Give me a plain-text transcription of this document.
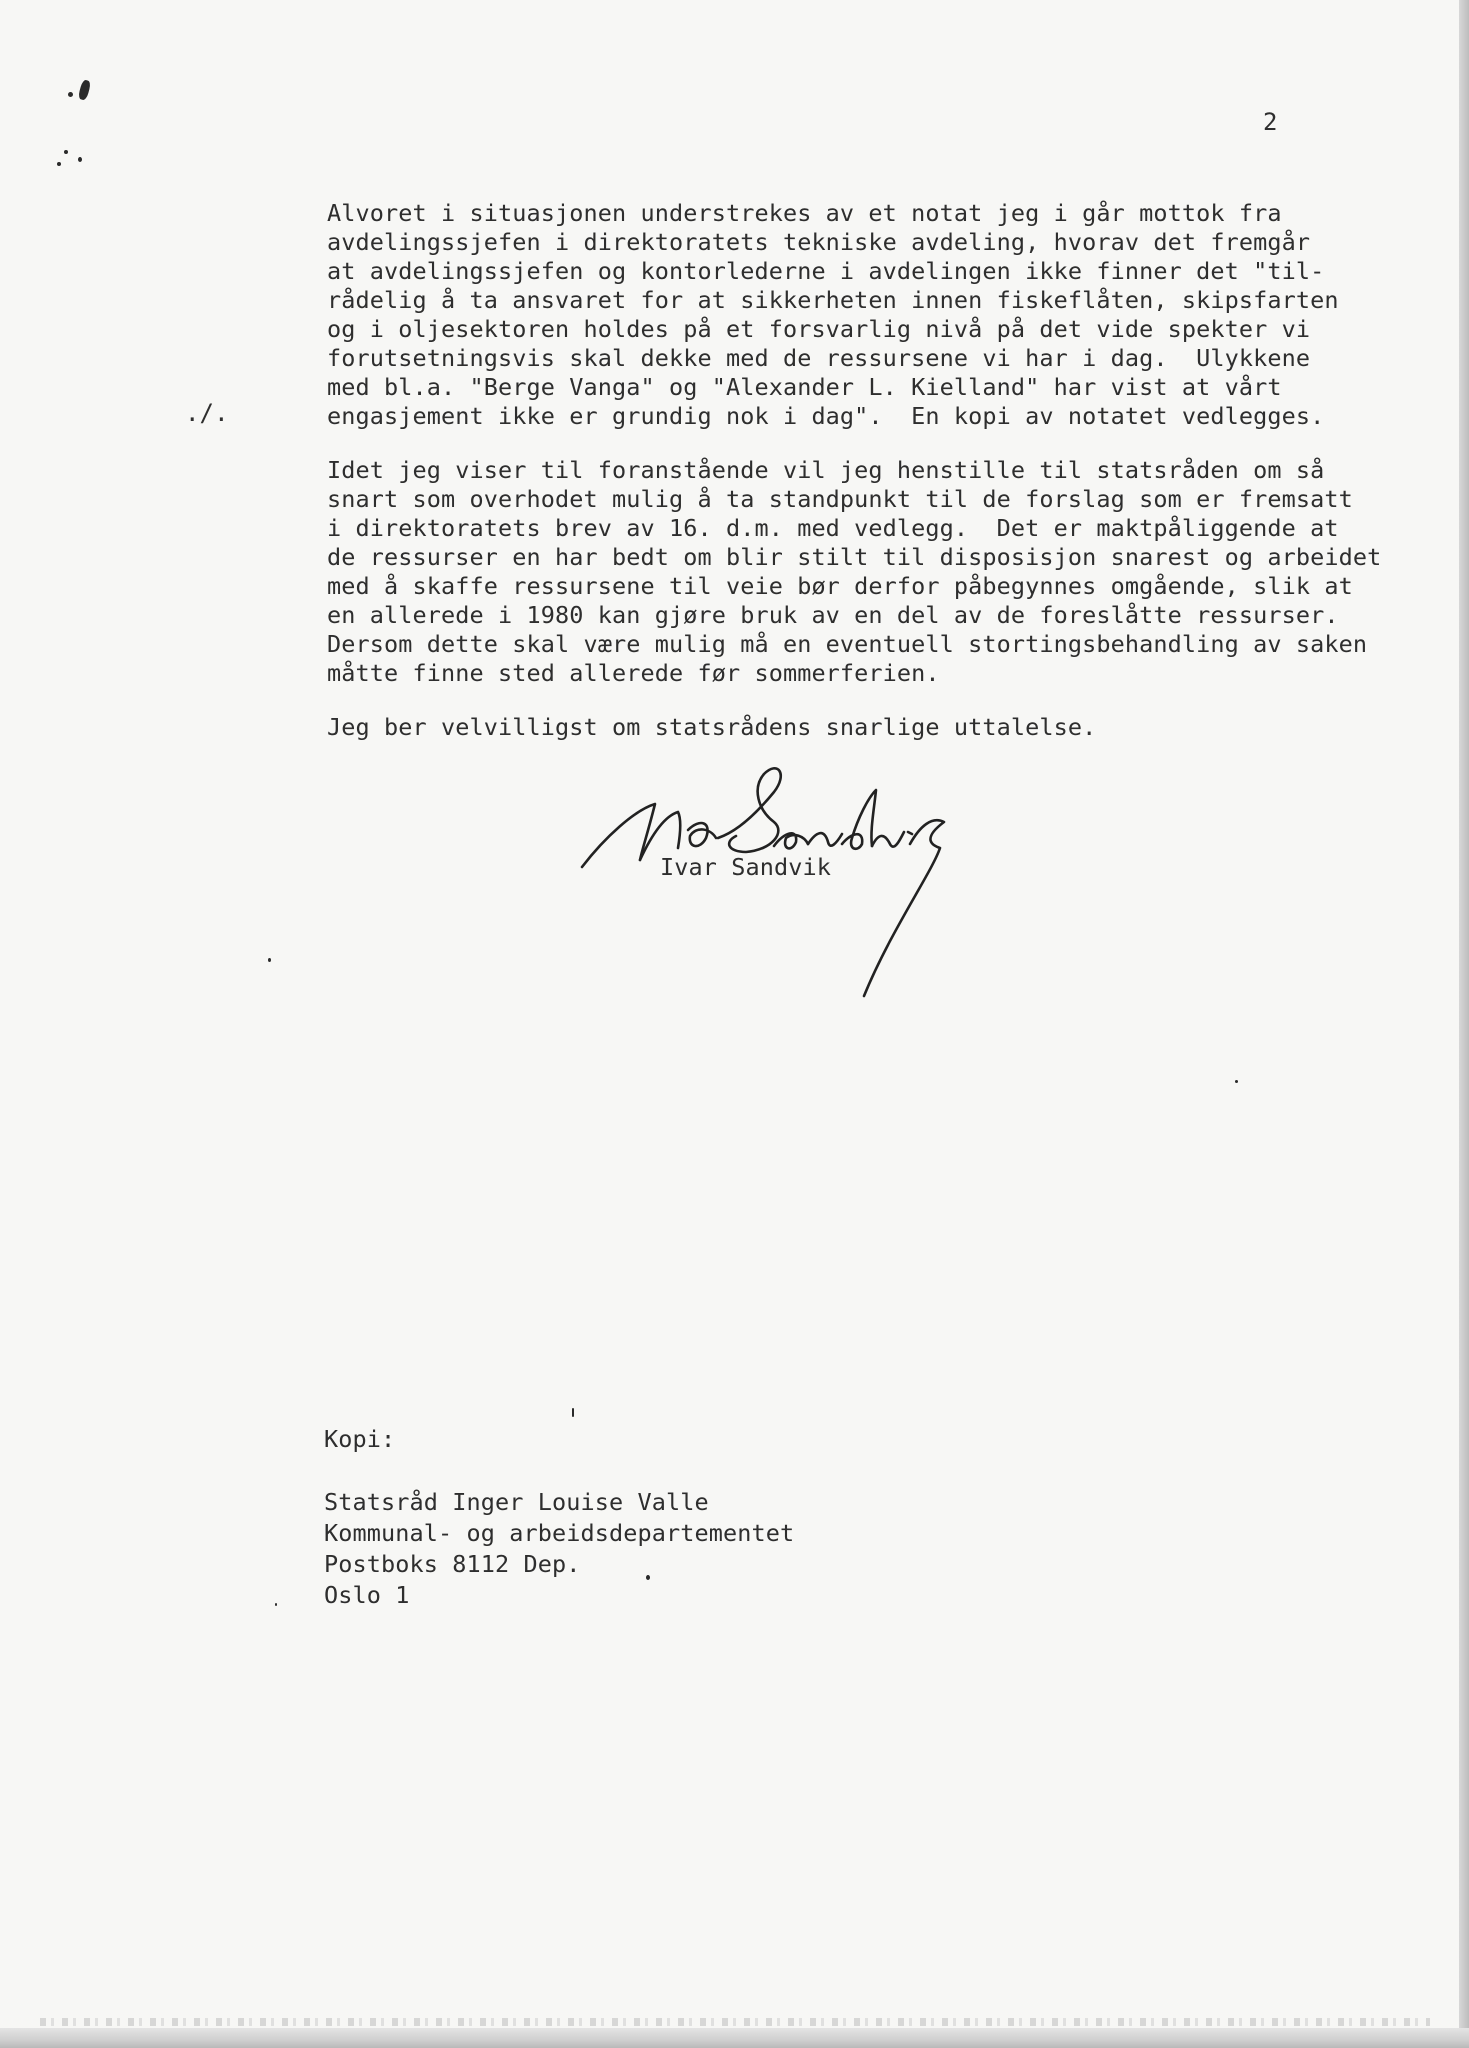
2
./.
Alvoret i situasjonen understrekes av et notat jeg i går mottok fra
avdelingssjefen i direktoratets tekniske avdeling, hvorav det fremgår
at avdelingssjefen og kontorlederne i avdelingen ikke finner det "til-
rådelig å ta ansvaret for at sikkerheten innen fiskeflåten, skipsfarten
og i oljesektoren holdes på et forsvarlig nivå på det vide spekter vi
forutsetningsvis skal dekke med de ressursene vi har i dag.  Ulykkene
med bl.a. "Berge Vanga" og "Alexander L. Kielland" har vist at vårt
engasjement ikke er grundig nok i dag".  En kopi av notatet vedlegges.
Idet jeg viser til foranstående vil jeg henstille til statsråden om så
snart som overhodet mulig å ta standpunkt til de forslag som er fremsatt
i direktoratets brev av 16. d.m. med vedlegg.  Det er maktpåliggende at
de ressurser en har bedt om blir stilt til disposisjon snarest og arbeidet
med å skaffe ressursene til veie bør derfor påbegynnes omgående, slik at
en allerede i 1980 kan gjøre bruk av en del av de foreslåtte ressurser.
Dersom dette skal være mulig må en eventuell stortingsbehandling av saken
måtte finne sted allerede før sommerferien.
Jeg ber velvilligst om statsrådens snarlige uttalelse.
Ivar Sandvik
Kopi:
Statsråd Inger Louise Valle
Kommunal- og arbeidsdepartementet
Postboks 8112 Dep.
Oslo 1
